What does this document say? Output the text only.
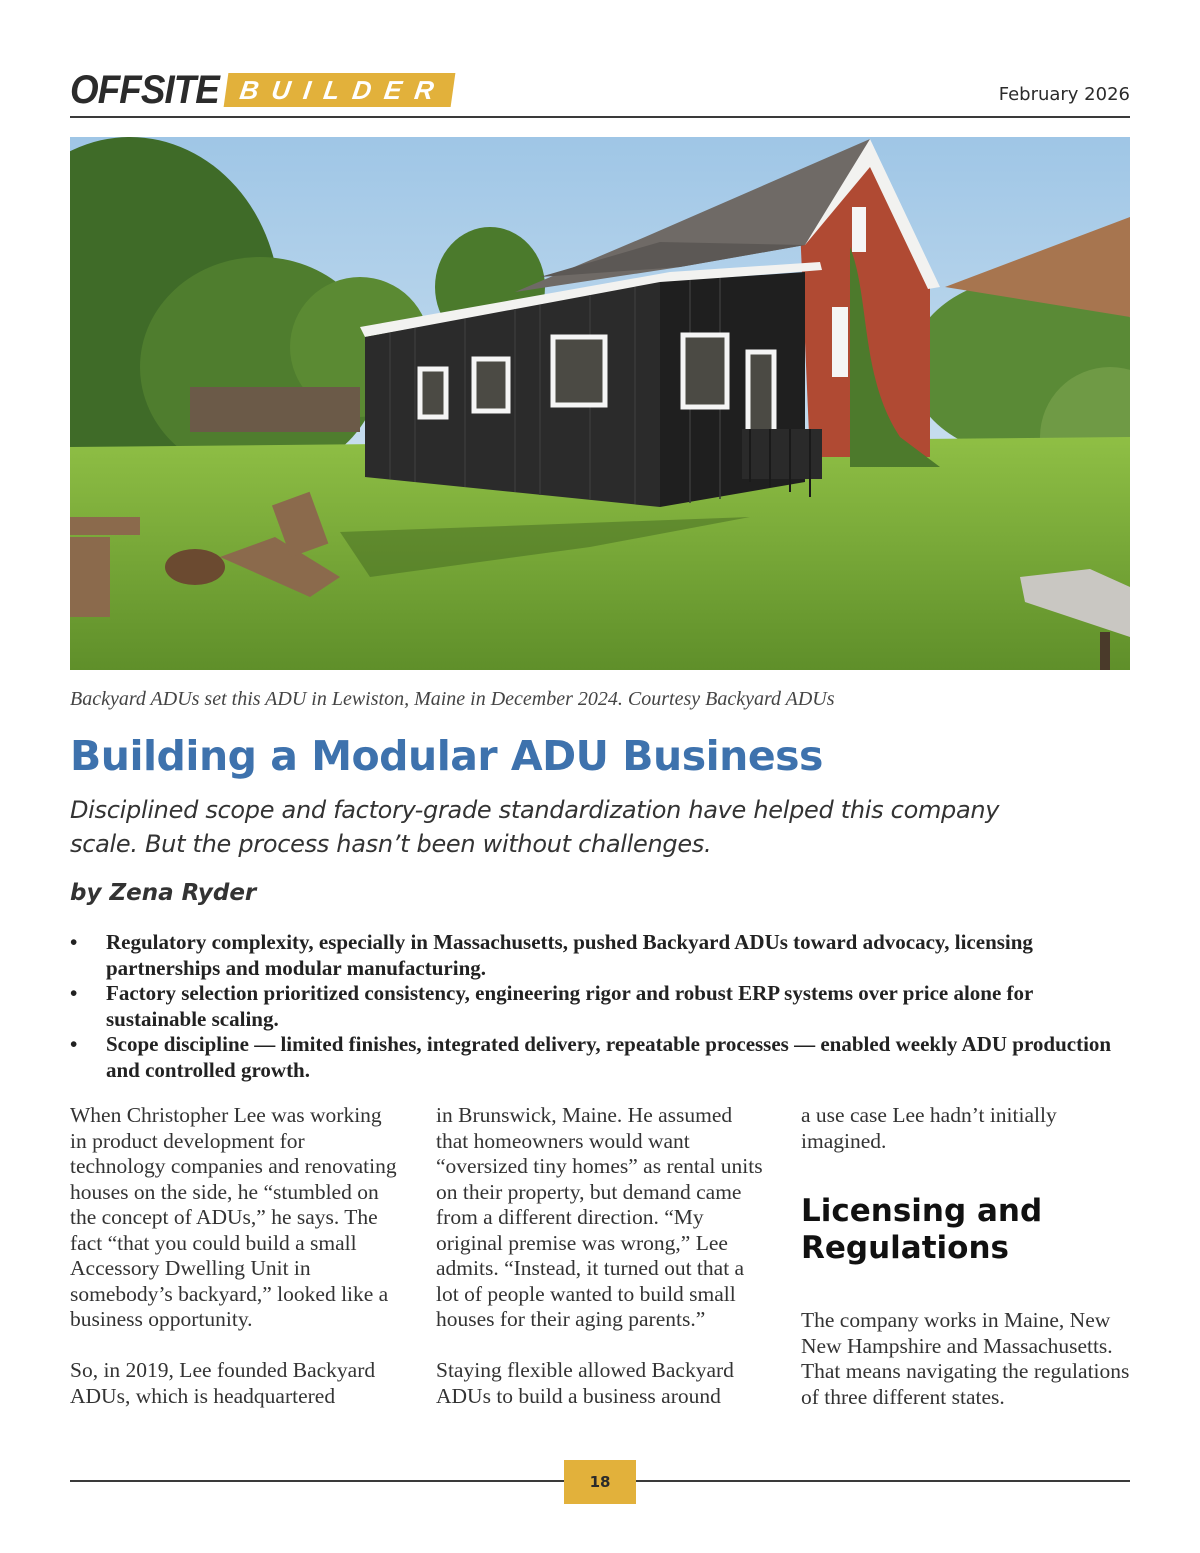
OFFSITE BUILDER	February 2026
Backyard ADUs set this ADU in Lewiston, Maine in December 2024. Courtesy Backyard ADUs
Building a Modular ADU Business
Disciplined scope and factory-grade standardization have helped this company
scale. But the process hasn’t been without challenges.
by Zena Ryder
• Regulatory complexity, especially in Massachusetts, pushed Backyard ADUs toward advocacy, licensing partnerships and modular manufacturing.
• Factory selection prioritized consistency, engineering rigor and robust ERP systems over price alone for sustainable scaling.
• Scope discipline — limited finishes, integrated delivery, repeatable processes — enabled weekly ADU production and controlled growth.

When Christopher Lee was working in product development for technology companies and renovating houses on the side, he “stumbled on the concept of ADUs,” he says. The fact “that you could build a small Accessory Dwelling Unit in somebody’s backyard,” looked like a business opportunity.

So, in 2019, Lee founded Backyard ADUs, which is headquartered

in Brunswick, Maine. He assumed that homeowners would want “oversized tiny homes” as rental units on their property, but demand came from a different direction. “My original premise was wrong,” Lee admits. “Instead, it turned out that a lot of people wanted to build small houses for their aging parents.”

Staying flexible allowed Backyard ADUs to build a business around

a use case Lee hadn’t initially imagined.

Licensing and Regulations

The company works in Maine, New New Hampshire and Massachusetts. That means navigating the regulations of three different states.

18
